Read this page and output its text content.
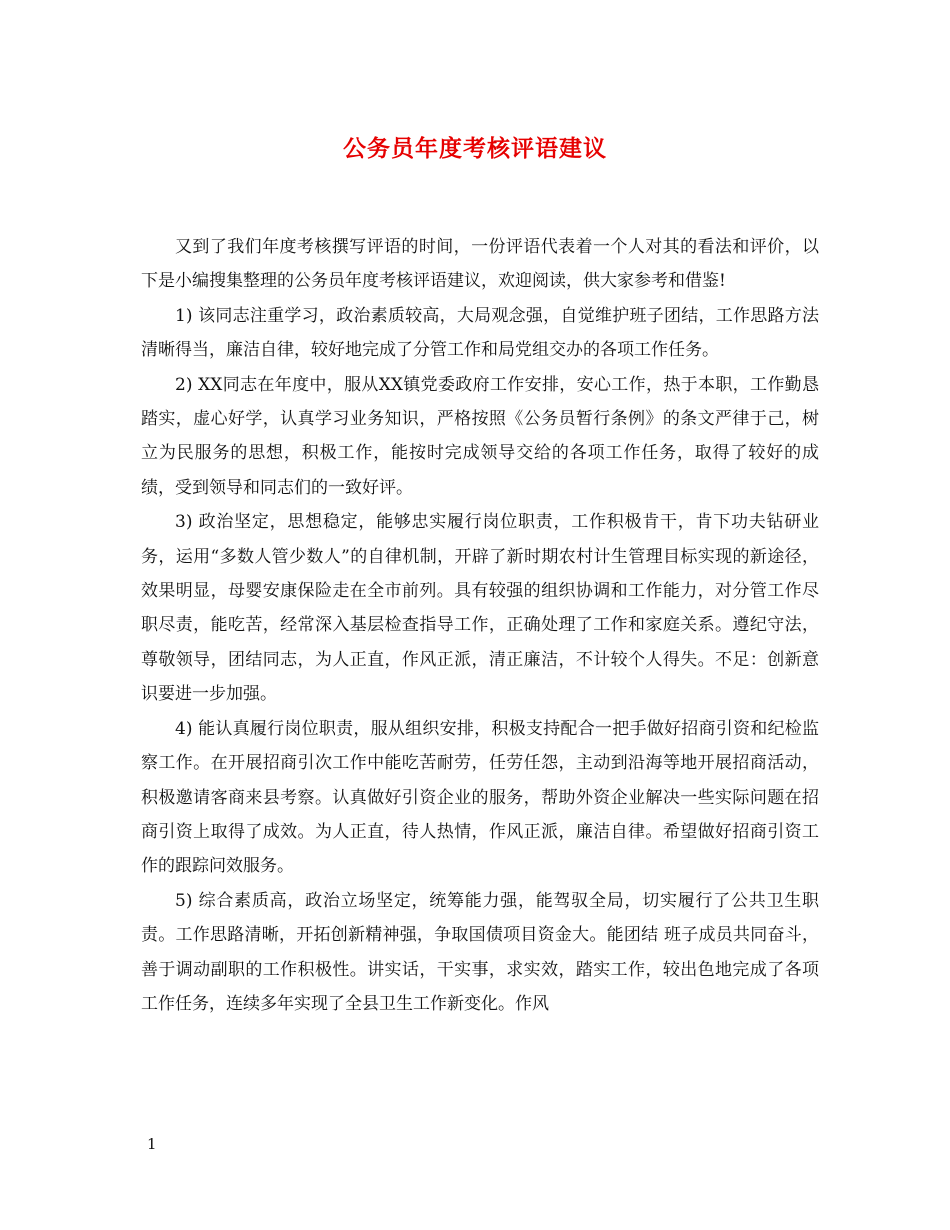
公务员年度考核评语建议

又到了我们年度考核撰写评语的时间，一份评语代表着一个人对其的看法和评价，以下是小编搜集整理的公务员年度考核评语建议，欢迎阅读，供大家参考和借鉴!

1) 该同志注重学习，政治素质较高，大局观念强，自觉维护班子团结，工作思路方法清晰得当，廉洁自律，较好地完成了分管工作和局党组交办的各项工作任务。

2) XX同志在年度中，服从XX镇党委政府工作安排，安心工作，热于本职，工作勤恳踏实，虚心好学，认真学习业务知识，严格按照《公务员暂行条例》的条文严律于己，树立为民服务的思想，积极工作，能按时完成领导交给的各项工作任务，取得了较好的成绩，受到领导和同志们的一致好评。

3) 政治坚定，思想稳定，能够忠实履行岗位职责，工作积极肯干，肯下功夫钻研业务，运用“多数人管少数人”的自律机制，开辟了新时期农村计生管理目标实现的新途径，效果明显，母婴安康保险走在全市前列。具有较强的组织协调和工作能力，对分管工作尽职尽责，能吃苦，经常深入基层检查指导工作，正确处理了工作和家庭关系。遵纪守法，尊敬领导，团结同志，为人正直，作风正派，清正廉洁，不计较个人得失。不足：创新意识要进一步加强。

4) 能认真履行岗位职责，服从组织安排，积极支持配合一把手做好招商引资和纪检监察工作。在开展招商引次工作中能吃苦耐劳，任劳任怨，主动到沿海等地开展招商活动，积极邀请客商来县考察。认真做好引资企业的服务，帮助外资企业解决一些实际问题在招商引资上取得了成效。为人正直，待人热情，作风正派，廉洁自律。希望做好招商引资工作的跟踪问效服务。

5) 综合素质高，政治立场坚定，统筹能力强，能驾驭全局，切实履行了公共卫生职责。工作思路清晰，开拓创新精神强，争取国债项目资金大。能团结 班子成员共同奋斗，善于调动副职的工作积极性。讲实话，干实事，求实效，踏实工作，较出色地完成了各项工作任务，连续多年实现了全县卫生工作新变化。作风

1
